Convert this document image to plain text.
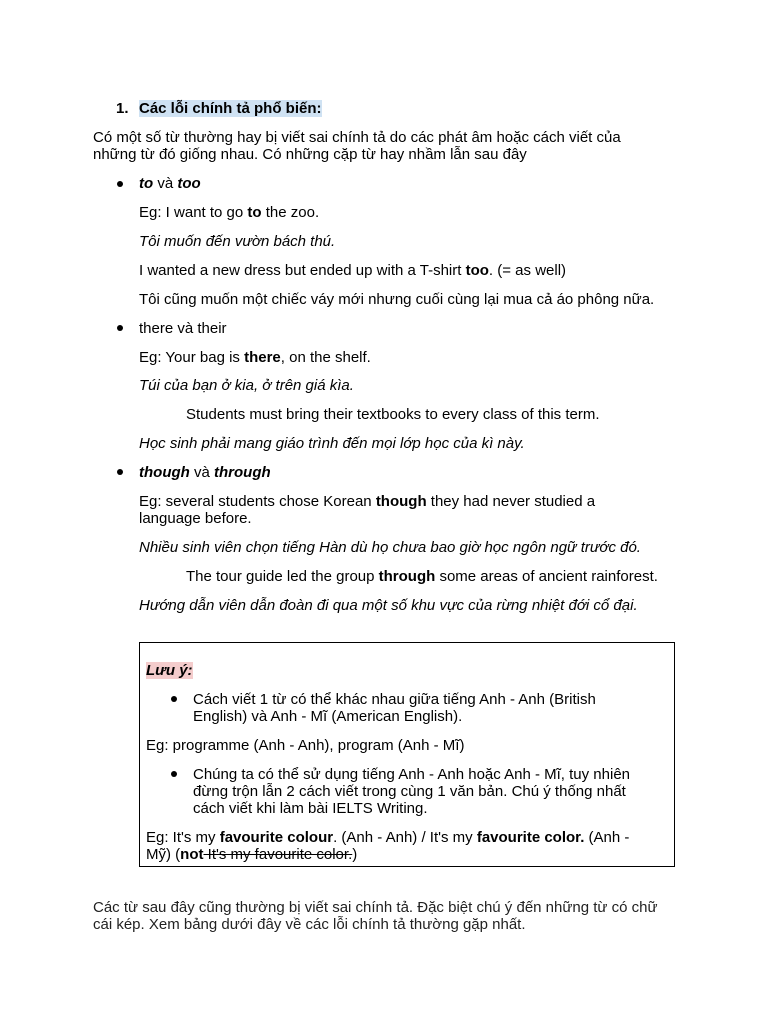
1. Các lỗi chính tả phổ biến:
Có một số từ thường hay bị viết sai chính tả do các phát âm hoặc cách viết của
những từ đó giống nhau. Có những cặp từ hay nhầm lẫn sau đây
to và too
Eg: I want to go to the zoo.
Tôi muốn đến vườn bách thú.
I wanted a new dress but ended up with a T-shirt too. (= as well)
Tôi cũng muốn một chiếc váy mới nhưng cuối cùng lại mua cả áo phông nữa.
there và their
Eg: Your bag is there, on the shelf.
Túi của bạn ở kia, ở trên giá kìa.
Students must bring their textbooks to every class of this term.
Học sinh phải mang giáo trình đến mọi lớp học của kì này.
though và through
Eg: several students chose Korean though they had never studied a
language before.
Nhiều sinh viên chọn tiếng Hàn dù họ chưa bao giờ học ngôn ngữ trước đó.
The tour guide led the group through some areas of ancient rainforest.
Hướng dẫn viên dẫn đoàn đi qua một số khu vực của rừng nhiệt đới cổ đại.
Lưu ý:
Cách viết 1 từ có thể khác nhau giữa tiếng Anh - Anh (British
English) và Anh - Mĩ (American English).
Eg: programme (Anh - Anh), program (Anh - Mĩ)
Chúng ta có thể sử dụng tiếng Anh - Anh hoặc Anh - Mĩ, tuy nhiên
đừng trộn lẫn 2 cách viết trong cùng 1 văn bản. Chú ý thống nhất
cách viết khi làm bài IELTS Writing.
Eg: It's my favourite colour. (Anh - Anh) / It's my favourite color. (Anh -
Mỹ) (not It's my favourite color.)
Các từ sau đây cũng thường bị viết sai chính tả. Đặc biệt chú ý đến những từ có chữ
cái kép. Xem bảng dưới đây về các lỗi chính tả thường gặp nhất.
